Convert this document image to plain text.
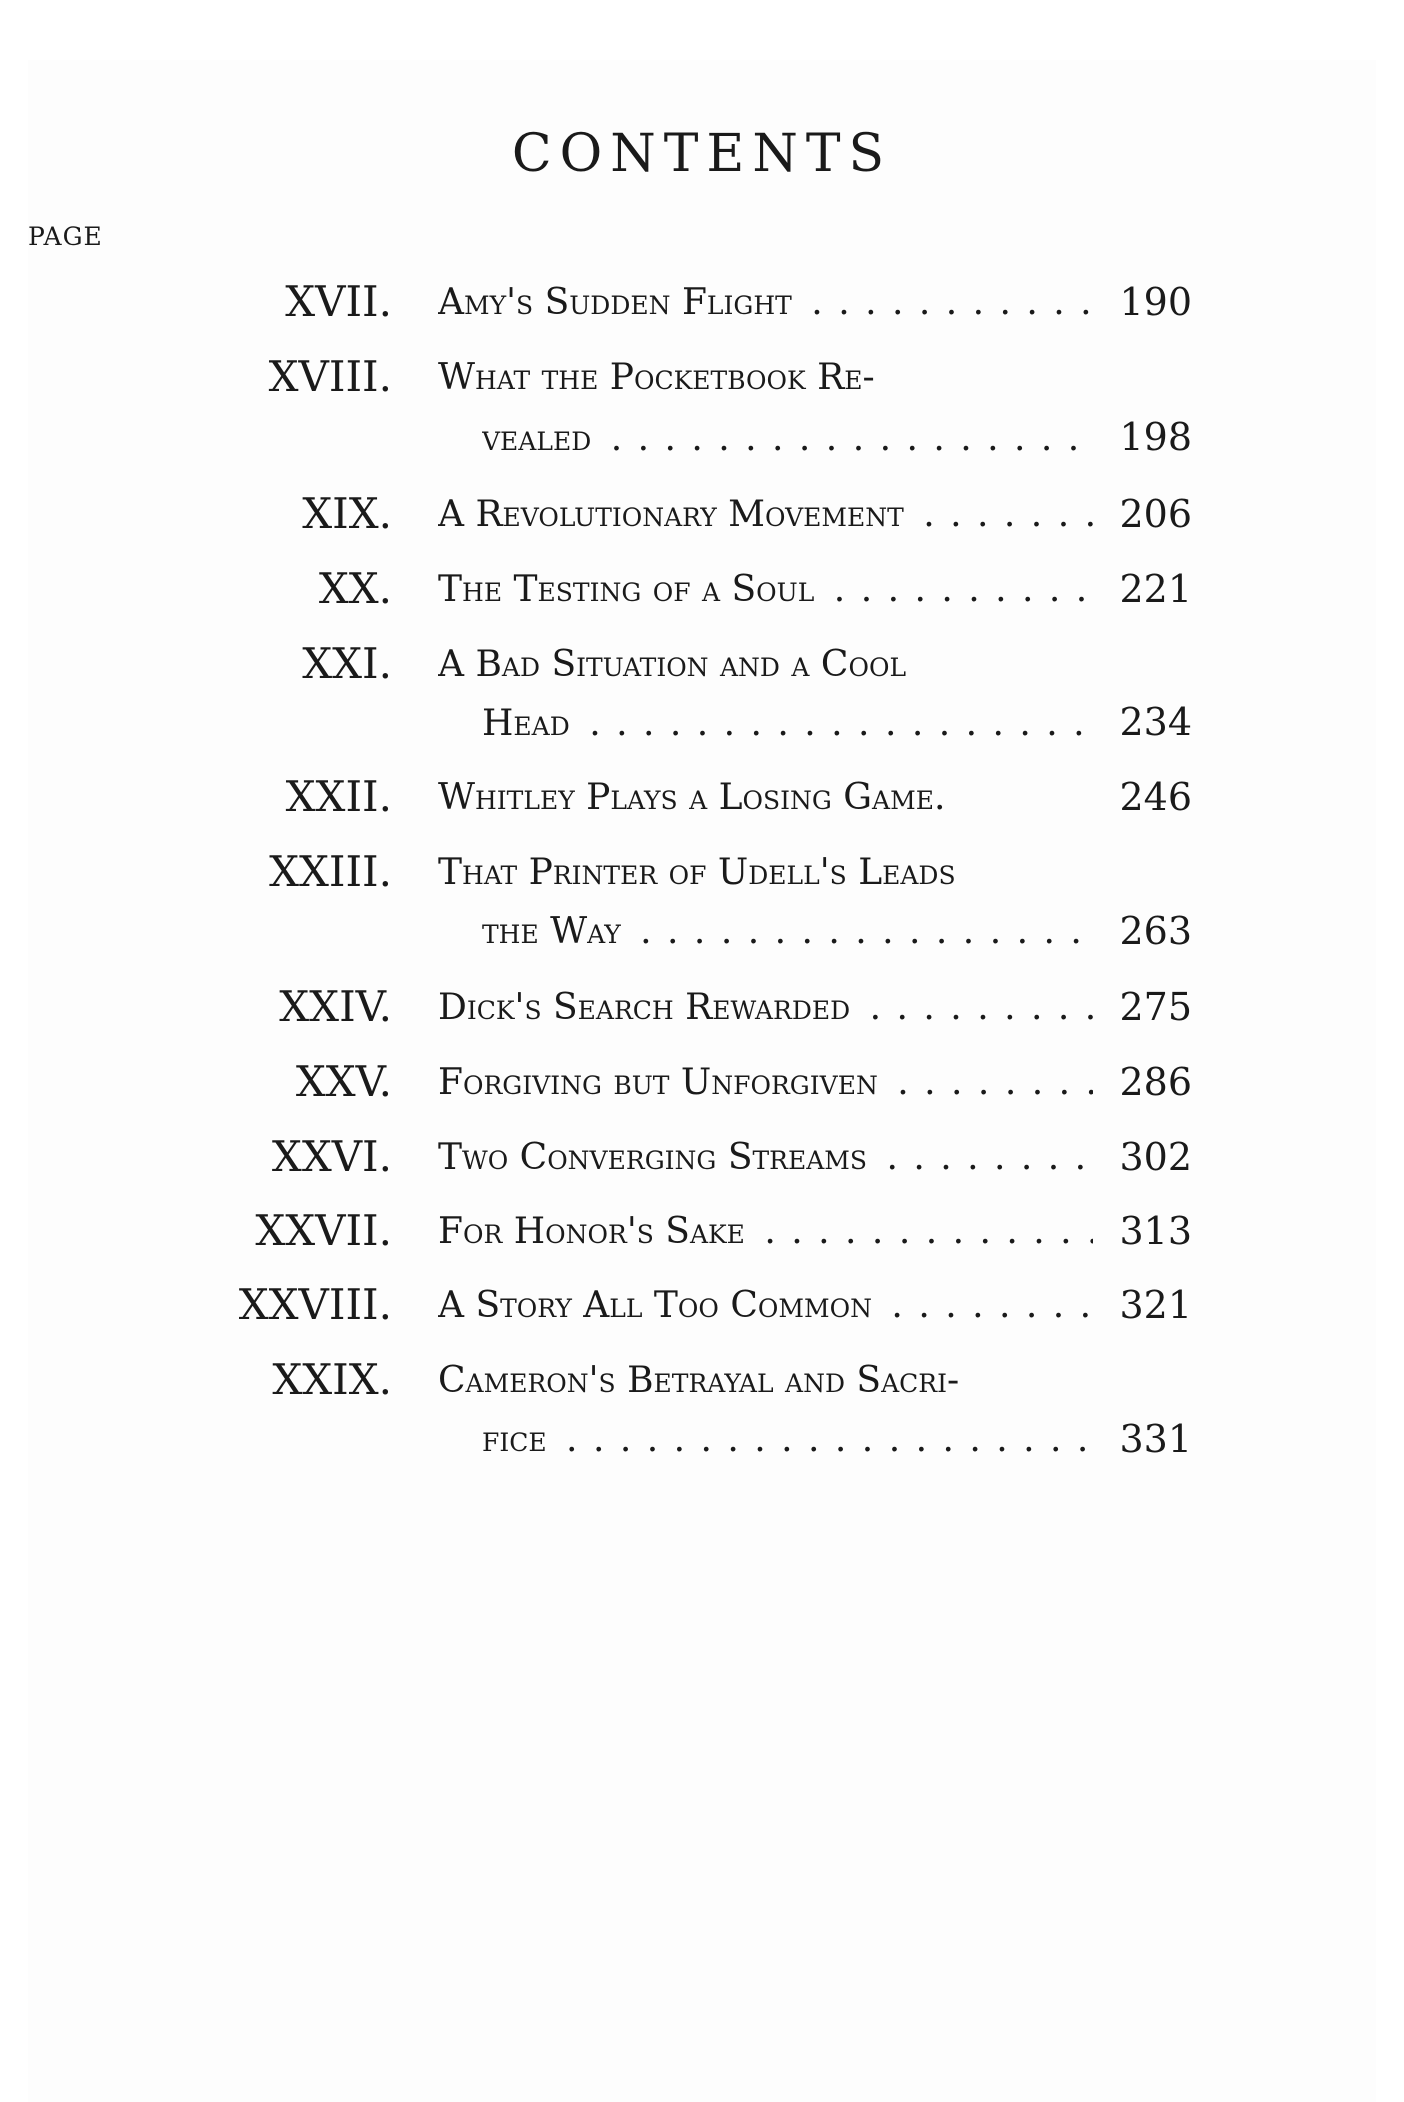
CONTENTS
PAGE
XVII. Amy's Sudden Flight . . .	190
XVIII. What the Pocketbook Re-
vealed . . .	198
XIX. A Revolutionary Movement . . .	206
XX. The Testing of a Soul . . .	221
XXI. A Bad Situation and a Cool
Head . . .	234
XXII. Whitley Plays a Losing Game.	246
XXIII. That Printer of Udell's Leads
the Way . . .	263
XXIV. Dick's Search Rewarded . . .	275
XXV. Forgiving but Unforgiven . . .	286
XXVI. Two Converging Streams . . .	302
XXVII. For Honor's Sake . . .	313
XXVIII. A Story All Too Common . . .	321
XXIX. Cameron's Betrayal and Sacri-
fice . . .	331
